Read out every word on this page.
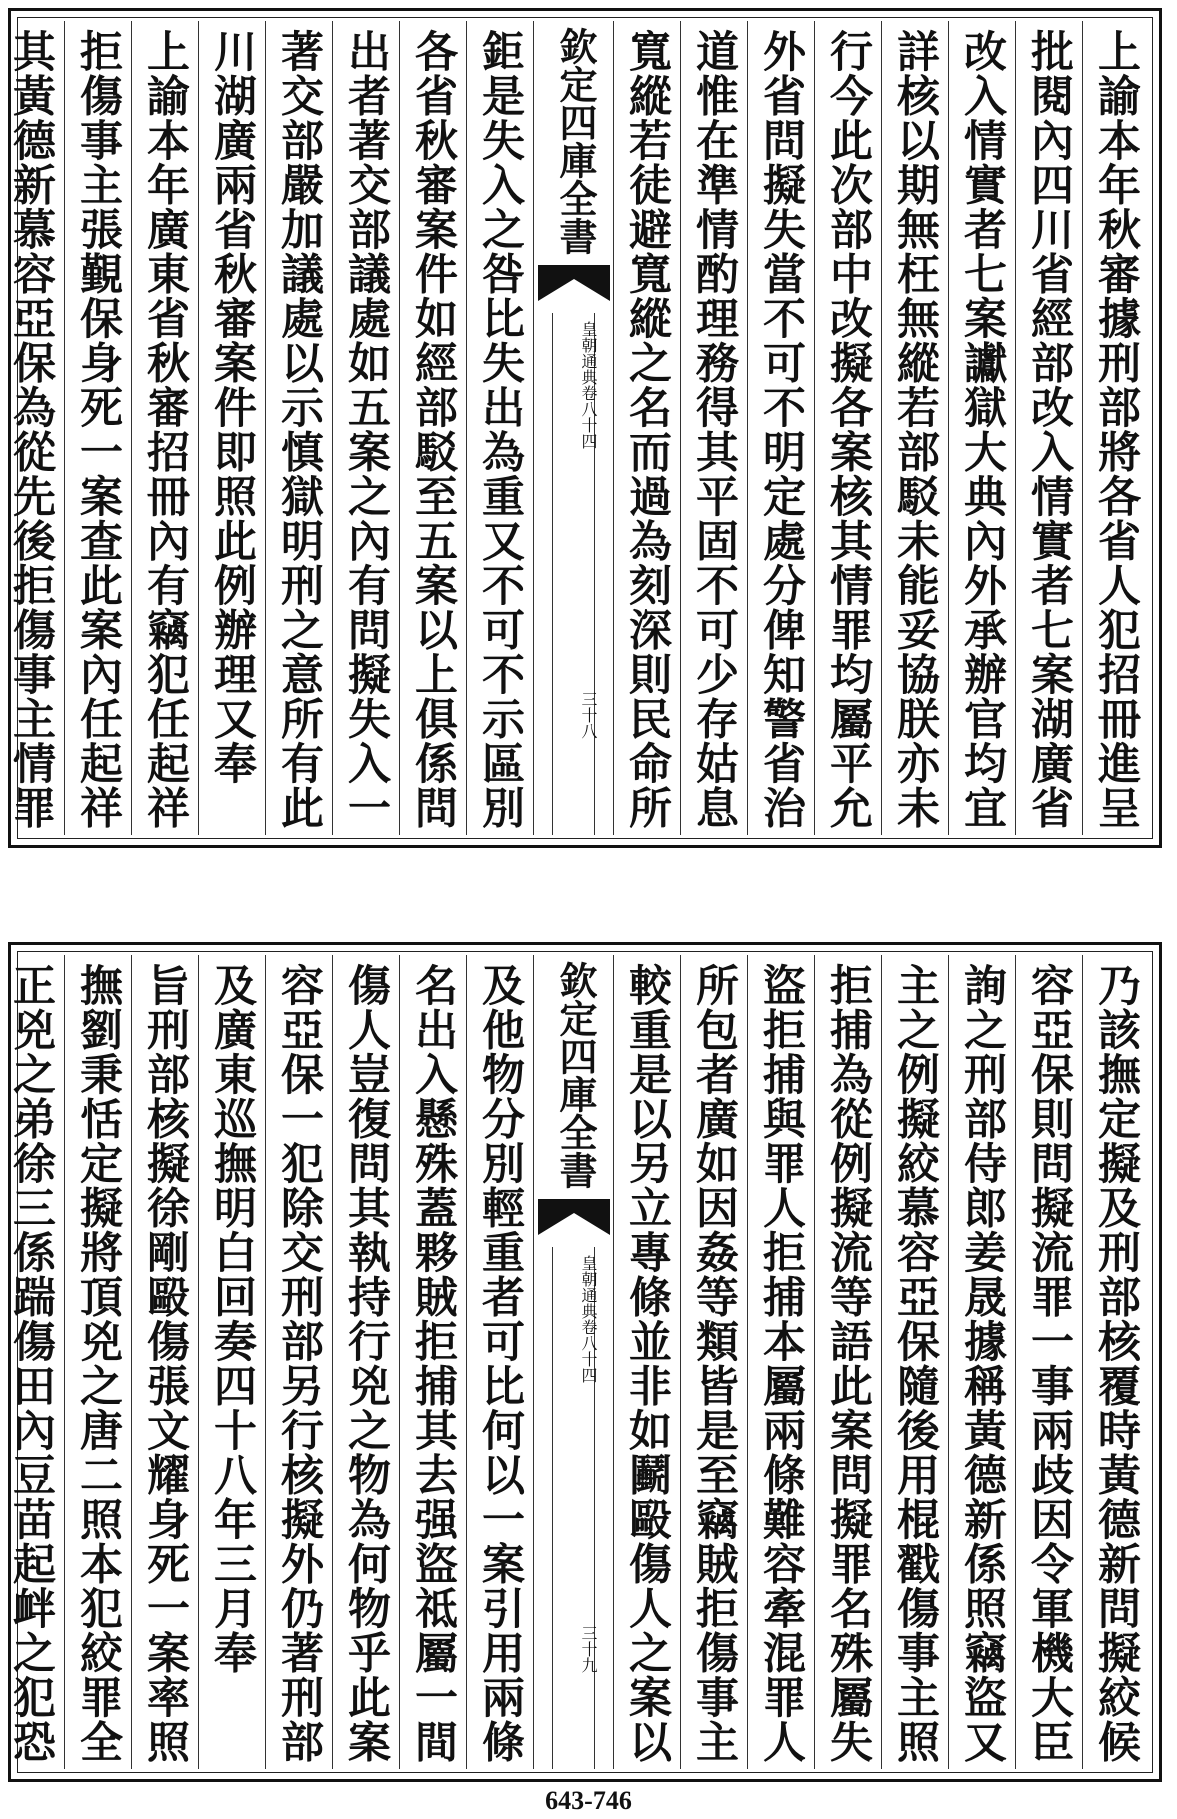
上諭本年秋審據刑部將各省人犯招冊進呈
批閱內四川省經部改入情實者七案湖廣省
改入情實者七案讞獄大典內外承辦官均宜
詳核以期無枉無縱若部駁未能妥協朕亦未
行今此次部中改擬各案核其情罪均屬平允
外省問擬失當不可不明定處分俾知警省治
道惟在準情酌理務得其平固不可少存姑息
寬縱若徒避寬縱之名而過為刻深則民命所
欽定四庫全書
皇朝通典卷八十四
三十八
鉅是失入之咎比失出為重又不可不示區別
各省秋審案件如經部駁至五案以上俱係問
出者著交部議處如五案之內有問擬失入一
著交部嚴加議處以示慎獄明刑之意所有此
川湖廣兩省秋審案件即照此例辦理又奉
上諭本年廣東省秋審招冊內有竊犯任起祥
拒傷事主張覲保身死一案查此案內任起祥
其黃德新慕容亞保為從先後拒傷事主情罪
乃該撫定擬及刑部核覆時黃德新問擬絞候
容亞保則問擬流罪一事兩歧因令軍機大臣
詢之刑部侍郎姜晟據稱黃德新係照竊盜又
主之例擬絞慕容亞保隨後用棍戳傷事主照
拒捕為從例擬流等語此案問擬罪名殊屬失
盜拒捕與罪人拒捕本屬兩條難容牽混罪人
所包者廣如因姦等類皆是至竊賊拒傷事主
較重是以另立專條並非如鬬毆傷人之案以
欽定四庫全書
皇朝通典卷八十四
三十九
及他物分別輕重者可比何以一案引用兩條
名出入懸殊蓋夥賊拒捕其去强盜祗屬一間
傷人豈復問其執持行兇之物為何物乎此案
容亞保一犯除交刑部另行核擬外仍著刑部
及廣東巡撫明白回奏四十八年三月奉
旨刑部核擬徐剛毆傷張文耀身死一案率照
撫劉秉恬定擬將頂兇之唐二照本犯絞罪全
正兇之弟徐三係踹傷田內豆苗起衅之犯恐
643-746
